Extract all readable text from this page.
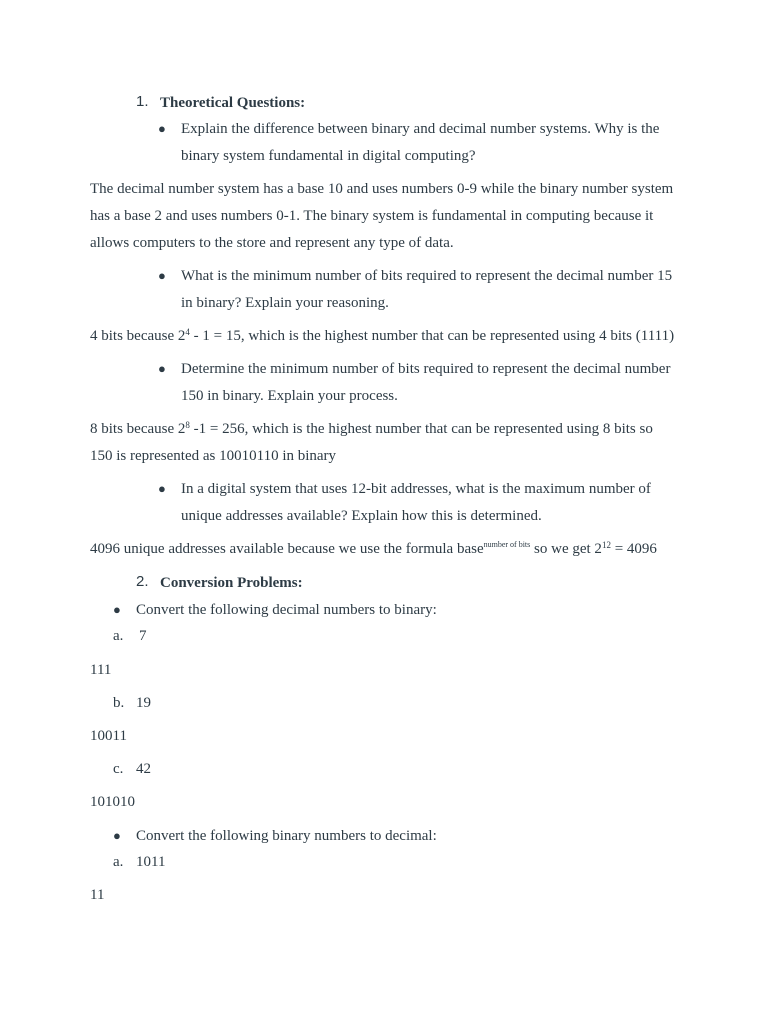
1. Theoretical Questions:
● Explain the difference between binary and decimal number systems. Why is the
binary system fundamental in digital computing?
The decimal number system has a base 10 and uses numbers 0-9 while the binary number system
has a base 2 and uses numbers 0-1. The binary system is fundamental in computing because it
allows computers to the store and represent any type of data.
● What is the minimum number of bits required to represent the decimal number 15
in binary? Explain your reasoning.
4 bits because $2^4 - 1 = 15$, which is the highest number that can be represented using 4 bits (1111)
● Determine the minimum number of bits required to represent the decimal number
150 in binary. Explain your process.
8 bits because $2^8$ -1 = 256, which is the highest number that can be represented using 8 bits so
150 is represented as 10010110 in binary
● In a digital system that uses 12-bit addresses, what is the maximum number of
unique addresses available? Explain how this is determined.
4096 unique addresses available because we use the formula base$^{number of bits}$ so we get $2^{12} = 4096$
2. Conversion Problems:
● Convert the following decimal numbers to binary:
a. 7
111
b. 19
10011
c. 42
101010
● Convert the following binary numbers to decimal:
a. 1011
11
